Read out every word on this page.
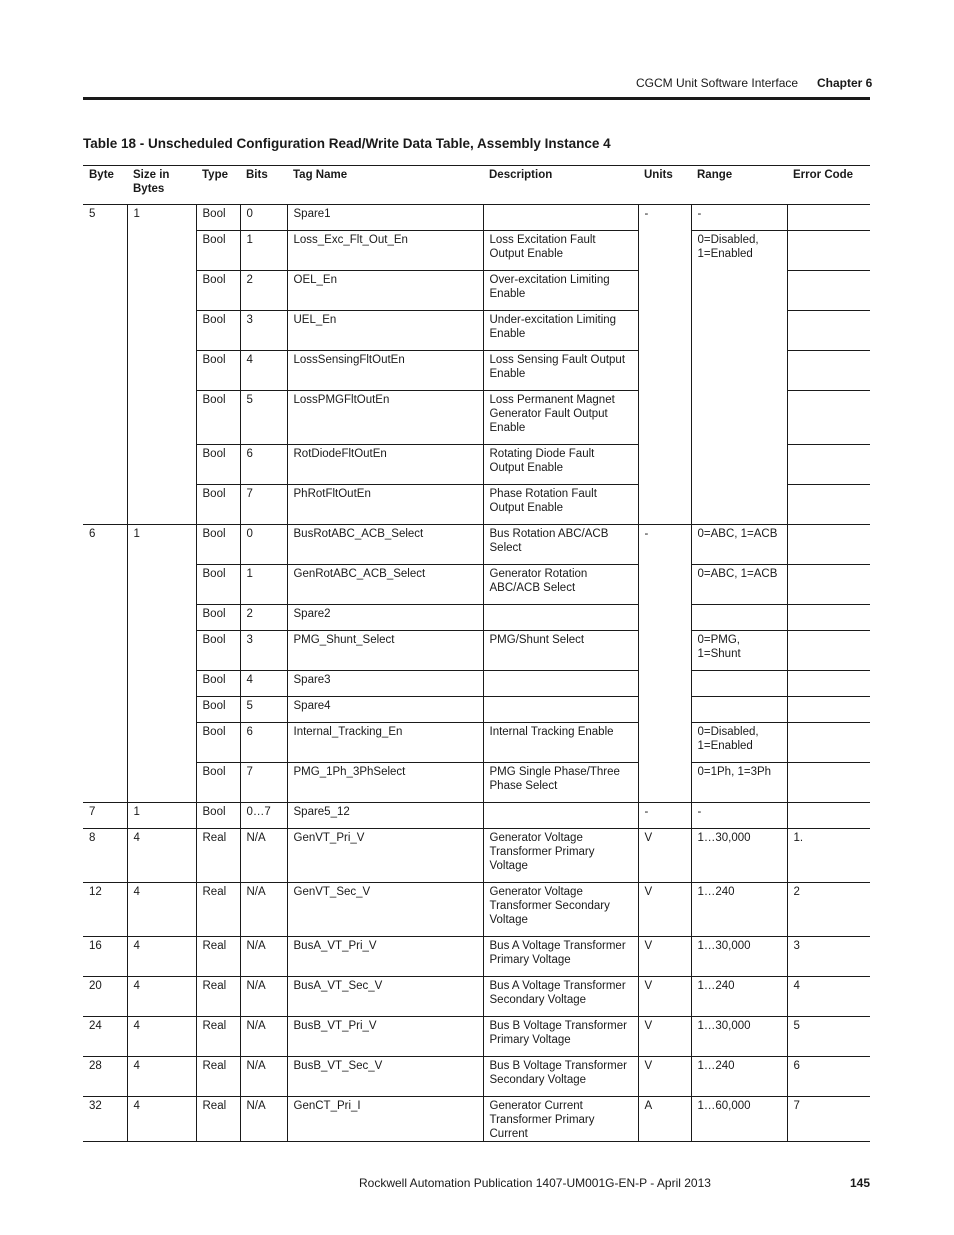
CGCM Unit Software Interface Chapter 6
Table 18 - Unscheduled Configuration Read/Write Data Table, Assembly Instance 4
Byte	Size in Bytes	Type	Bits	Tag Name	Description	Units	Range	Error Code
5	1	Bool	0	Spare1		-	-	
		Bool	1	Loss_Exc_Flt_Out_En	Loss Excitation Fault Output Enable		0=Disabled, 1=Enabled	
		Bool	2	OEL_En	Over-excitation Limiting Enable			
		Bool	3	UEL_En	Under-excitation Limiting Enable			
		Bool	4	LossSensingFltOutEn	Loss Sensing Fault Output Enable			
		Bool	5	LossPMGFltOutEn	Loss Permanent Magnet Generator Fault Output Enable			
		Bool	6	RotDiodeFltOutEn	Rotating Diode Fault Output Enable			
		Bool	7	PhRotFltOutEn	Phase Rotation Fault Output Enable			
6	1	Bool	0	BusRotABC_ACB_Select	Bus Rotation ABC/ACB Select	-	0=ABC, 1=ACB	
		Bool	1	GenRotABC_ACB_Select	Generator Rotation ABC/ACB Select		0=ABC, 1=ACB	
		Bool	2	Spare2				
		Bool	3	PMG_Shunt_Select	PMG/Shunt Select		0=PMG, 1=Shunt	
		Bool	4	Spare3				
		Bool	5	Spare4				
		Bool	6	Internal_Tracking_En	Internal Tracking Enable		0=Disabled, 1=Enabled	
		Bool	7	PMG_1Ph_3PhSelect	PMG Single Phase/Three Phase Select		0=1Ph, 1=3Ph	
7	1	Bool	0…7	Spare5_12		-	-	
8	4	Real	N/A	GenVT_Pri_V	Generator Voltage Transformer Primary Voltage	V	1…30,000	1.
12	4	Real	N/A	GenVT_Sec_V	Generator Voltage Transformer Secondary Voltage	V	1…240	2
16	4	Real	N/A	BusA_VT_Pri_V	Bus A Voltage Transformer Primary Voltage	V	1…30,000	3
20	4	Real	N/A	BusA_VT_Sec_V	Bus A Voltage Transformer Secondary Voltage	V	1…240	4
24	4	Real	N/A	BusB_VT_Pri_V	Bus B Voltage Transformer Primary Voltage	V	1…30,000	5
28	4	Real	N/A	BusB_VT_Sec_V	Bus B Voltage Transformer Secondary Voltage	V	1…240	6
32	4	Real	N/A	GenCT_Pri_I	Generator Current Transformer Primary Current	A	1…60,000	7
Rockwell Automation Publication 1407-UM001G-EN-P - April 2013	145
